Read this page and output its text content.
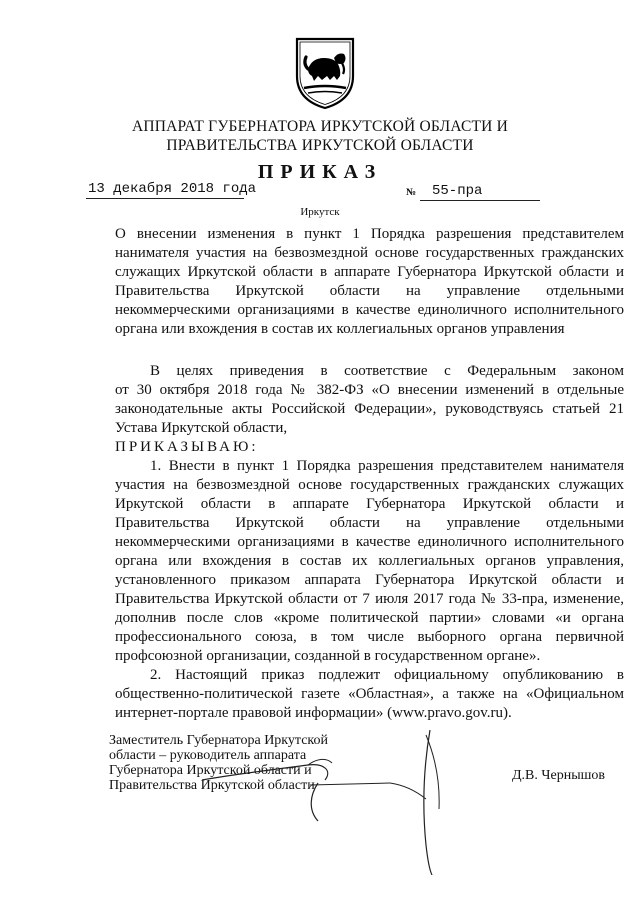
АППАРАТ ГУБЕРНАТОРА ИРКУТСКОЙ ОБЛАСТИ И
ПРАВИТЕЛЬСТВА ИРКУТСКОЙ ОБЛАСТИ
ПРИКАЗ
13 декабря 2018 года	№ 55-пра
Иркутск
О внесении изменения в пункт 1 Порядка разрешения представителем
нанимателя участия на безвозмездной основе государственных гражданских
служащих Иркутской области в аппарате Губернатора Иркутской области и
Правительства Иркутской области на управление отдельными
некоммерческими организациями в качестве единоличного исполнительного
органа или вхождения в состав их коллегиальных органов управления
В целях приведения в соответствие с Федеральным законом
от 30 октября 2018 года № 382-ФЗ «О внесении изменений в отдельные
законодательные акты Российской Федерации», руководствуясь статьей 21
Устава Иркутской области,
ПРИКАЗЫВАЮ:
1. Внести в пункт 1 Порядка разрешения представителем нанимателя
участия на безвозмездной основе государственных гражданских служащих
Иркутской области в аппарате Губернатора Иркутской области и
Правительства Иркутской области на управление отдельными
некоммерческими организациями в качестве единоличного исполнительного
органа или вхождения в состав их коллегиальных органов управления,
установленного приказом аппарата Губернатора Иркутской области и
Правительства Иркутской области от 7 июля 2017 года № 33-пра, изменение,
дополнив после слов «кроме политической партии» словами «и органа
профессионального союза, в том числе выборного органа первичной
профсоюзной организации, созданной в государственном органе».
2. Настоящий приказ подлежит официальному опубликованию в
общественно-политической газете «Областная», а также на «Официальном
интернет-портале правовой информации» (www.pravo.gov.ru).
Заместитель Губернатора Иркутской
области – руководитель аппарата
Губернатора Иркутской области и
Правительства Иркутской области
Д.В. Чернышов
